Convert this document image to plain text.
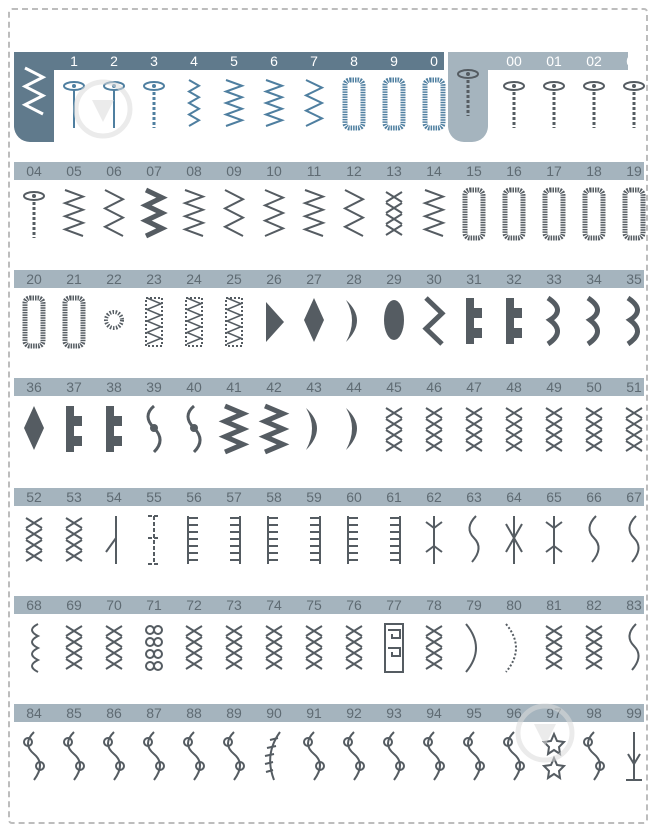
1	2	3	4	5	6	7	8	9	0	00	01	02	03
04	05	06	07	08	09	10	11	12	13	14	15	16	17	18	19
20	21	22	23	24	25	26	27	28	29	30	31	32	33	34	35
36	37	38	39	40	41	42	43	44	45	46	47	48	49	50	51
52	53	54	55	56	57	58	59	60	61	62	63	64	65	66	67
68	69	70	71	72	73	74	75	76	77	78	79	80	81	82	83
84	85	86	87	88	89	90	91	92	93	94	95	96	97	98	99
